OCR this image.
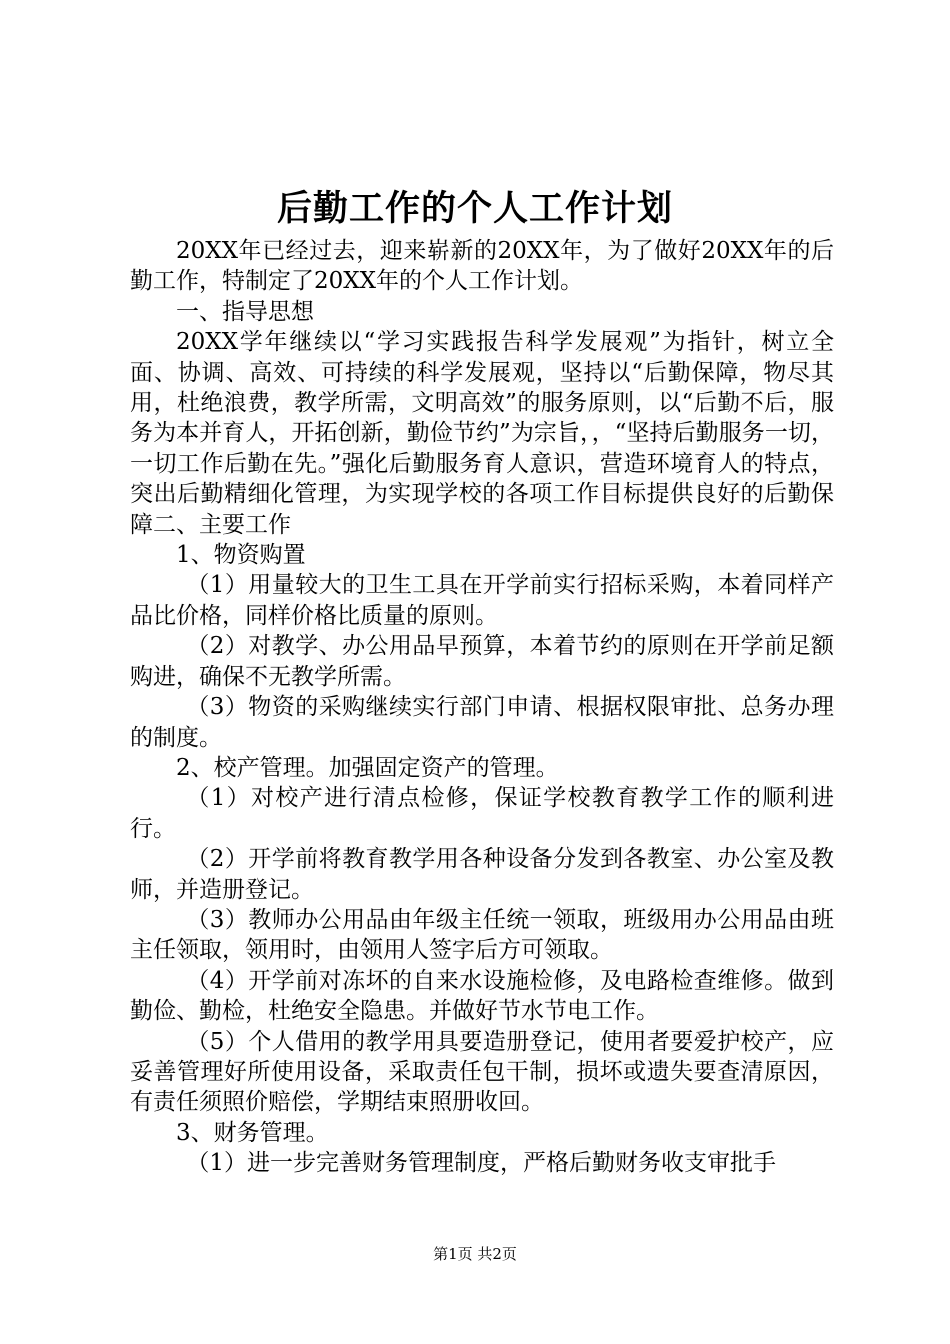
后勤工作的个人工作计划

20XX年已经过去，迎来崭新的20XX年，为了做好20XX年的后勤工作，特制定了20XX年的个人工作计划。

一、指导思想

20XX学年继续以“学习实践报告科学发展观”为指针，树立全面、协调、高效、可持续的科学发展观，坚持以“后勤保障，物尽其用，杜绝浪费，教学所需，文明高效”的服务原则，以“后勤不后，服务为本并育人，开拓创新，勤俭节约”为宗旨，，“坚持后勤服务一切，一切工作后勤在先。”强化后勤服务育人意识，营造环境育人的特点，突出后勤精细化管理，为实现学校的各项工作目标提供良好的后勤保障二、主要工作

1、物资购置

（1）用量较大的卫生工具在开学前实行招标采购，本着同样产品比价格，同样价格比质量的原则。

（2）对教学、办公用品早预算，本着节约的原则在开学前足额购进，确保不无教学所需。

（3）物资的采购继续实行部门申请、根据权限审批、总务办理的制度。

2、校产管理。加强固定资产的管理。

（1）对校产进行清点检修，保证学校教育教学工作的顺利进行。

（2）开学前将教育教学用各种设备分发到各教室、办公室及教师，并造册登记。

（3）教师办公用品由年级主任统一领取，班级用办公用品由班主任领取，领用时，由领用人签字后方可领取。

（4）开学前对冻坏的自来水设施检修，及电路检查维修。做到勤俭、勤检，杜绝安全隐患。并做好节水节电工作。

（5）个人借用的教学用具要造册登记，使用者要爱护校产，应妥善管理好所使用设备，采取责任包干制，损坏或遗失要查清原因，有责任须照价赔偿，学期结束照册收回。

3、财务管理。

（1）进一步完善财务管理制度，严格后勤财务收支审批手

第1页 共2页
